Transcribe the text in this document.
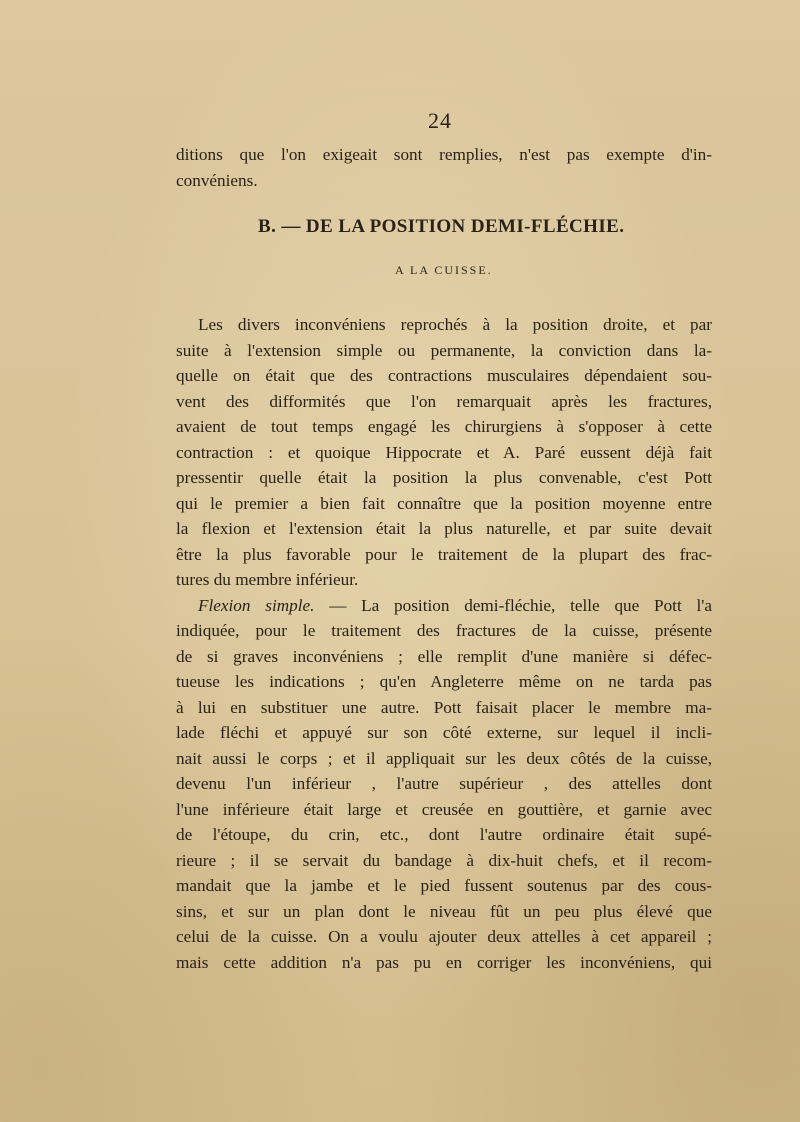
24
ditions que l'on exigeait sont remplies, n'est pas exempte d'in-
convéniens.
B. — DE LA POSITION DEMI-FLÉCHIE.
A LA CUISSE.
Les divers inconvéniens reprochés à la position droite, et par
suite à l'extension simple ou permanente, la conviction dans la-
quelle on était que des contractions musculaires dépendaient sou-
vent des difformités que l'on remarquait après les fractures,
avaient de tout temps engagé les chirurgiens à s'opposer à cette
contraction : et quoique Hippocrate et A. Paré eussent déjà fait
pressentir quelle était la position la plus convenable, c'est Pott
qui le premier a bien fait connaître que la position moyenne entre
la flexion et l'extension était la plus naturelle, et par suite devait
être la plus favorable pour le traitement de la plupart des frac-
tures du membre inférieur.
Flexion simple. — La position demi-fléchie, telle que Pott l'a
indiquée, pour le traitement des fractures de la cuisse, présente
de si graves inconvéniens ; elle remplit d'une manière si défec-
tueuse les indications ; qu'en Angleterre même on ne tarda pas
à lui en substituer une autre. Pott faisait placer le membre ma-
lade fléchi et appuyé sur son côté externe, sur lequel il incli-
nait aussi le corps ; et il appliquait sur les deux côtés de la cuisse,
devenu l'un inférieur , l'autre supérieur , des attelles dont
l'une inférieure était large et creusée en gouttière, et garnie avec
de l'étoupe, du crin, etc., dont l'autre ordinaire était supé-
rieure ; il se servait du bandage à dix-huit chefs, et il recom-
mandait que la jambe et le pied fussent soutenus par des cous-
sins, et sur un plan dont le niveau fût un peu plus élevé que
celui de la cuisse. On a voulu ajouter deux attelles à cet appareil ;
mais cette addition n'a pas pu en corriger les inconvéniens, qui
